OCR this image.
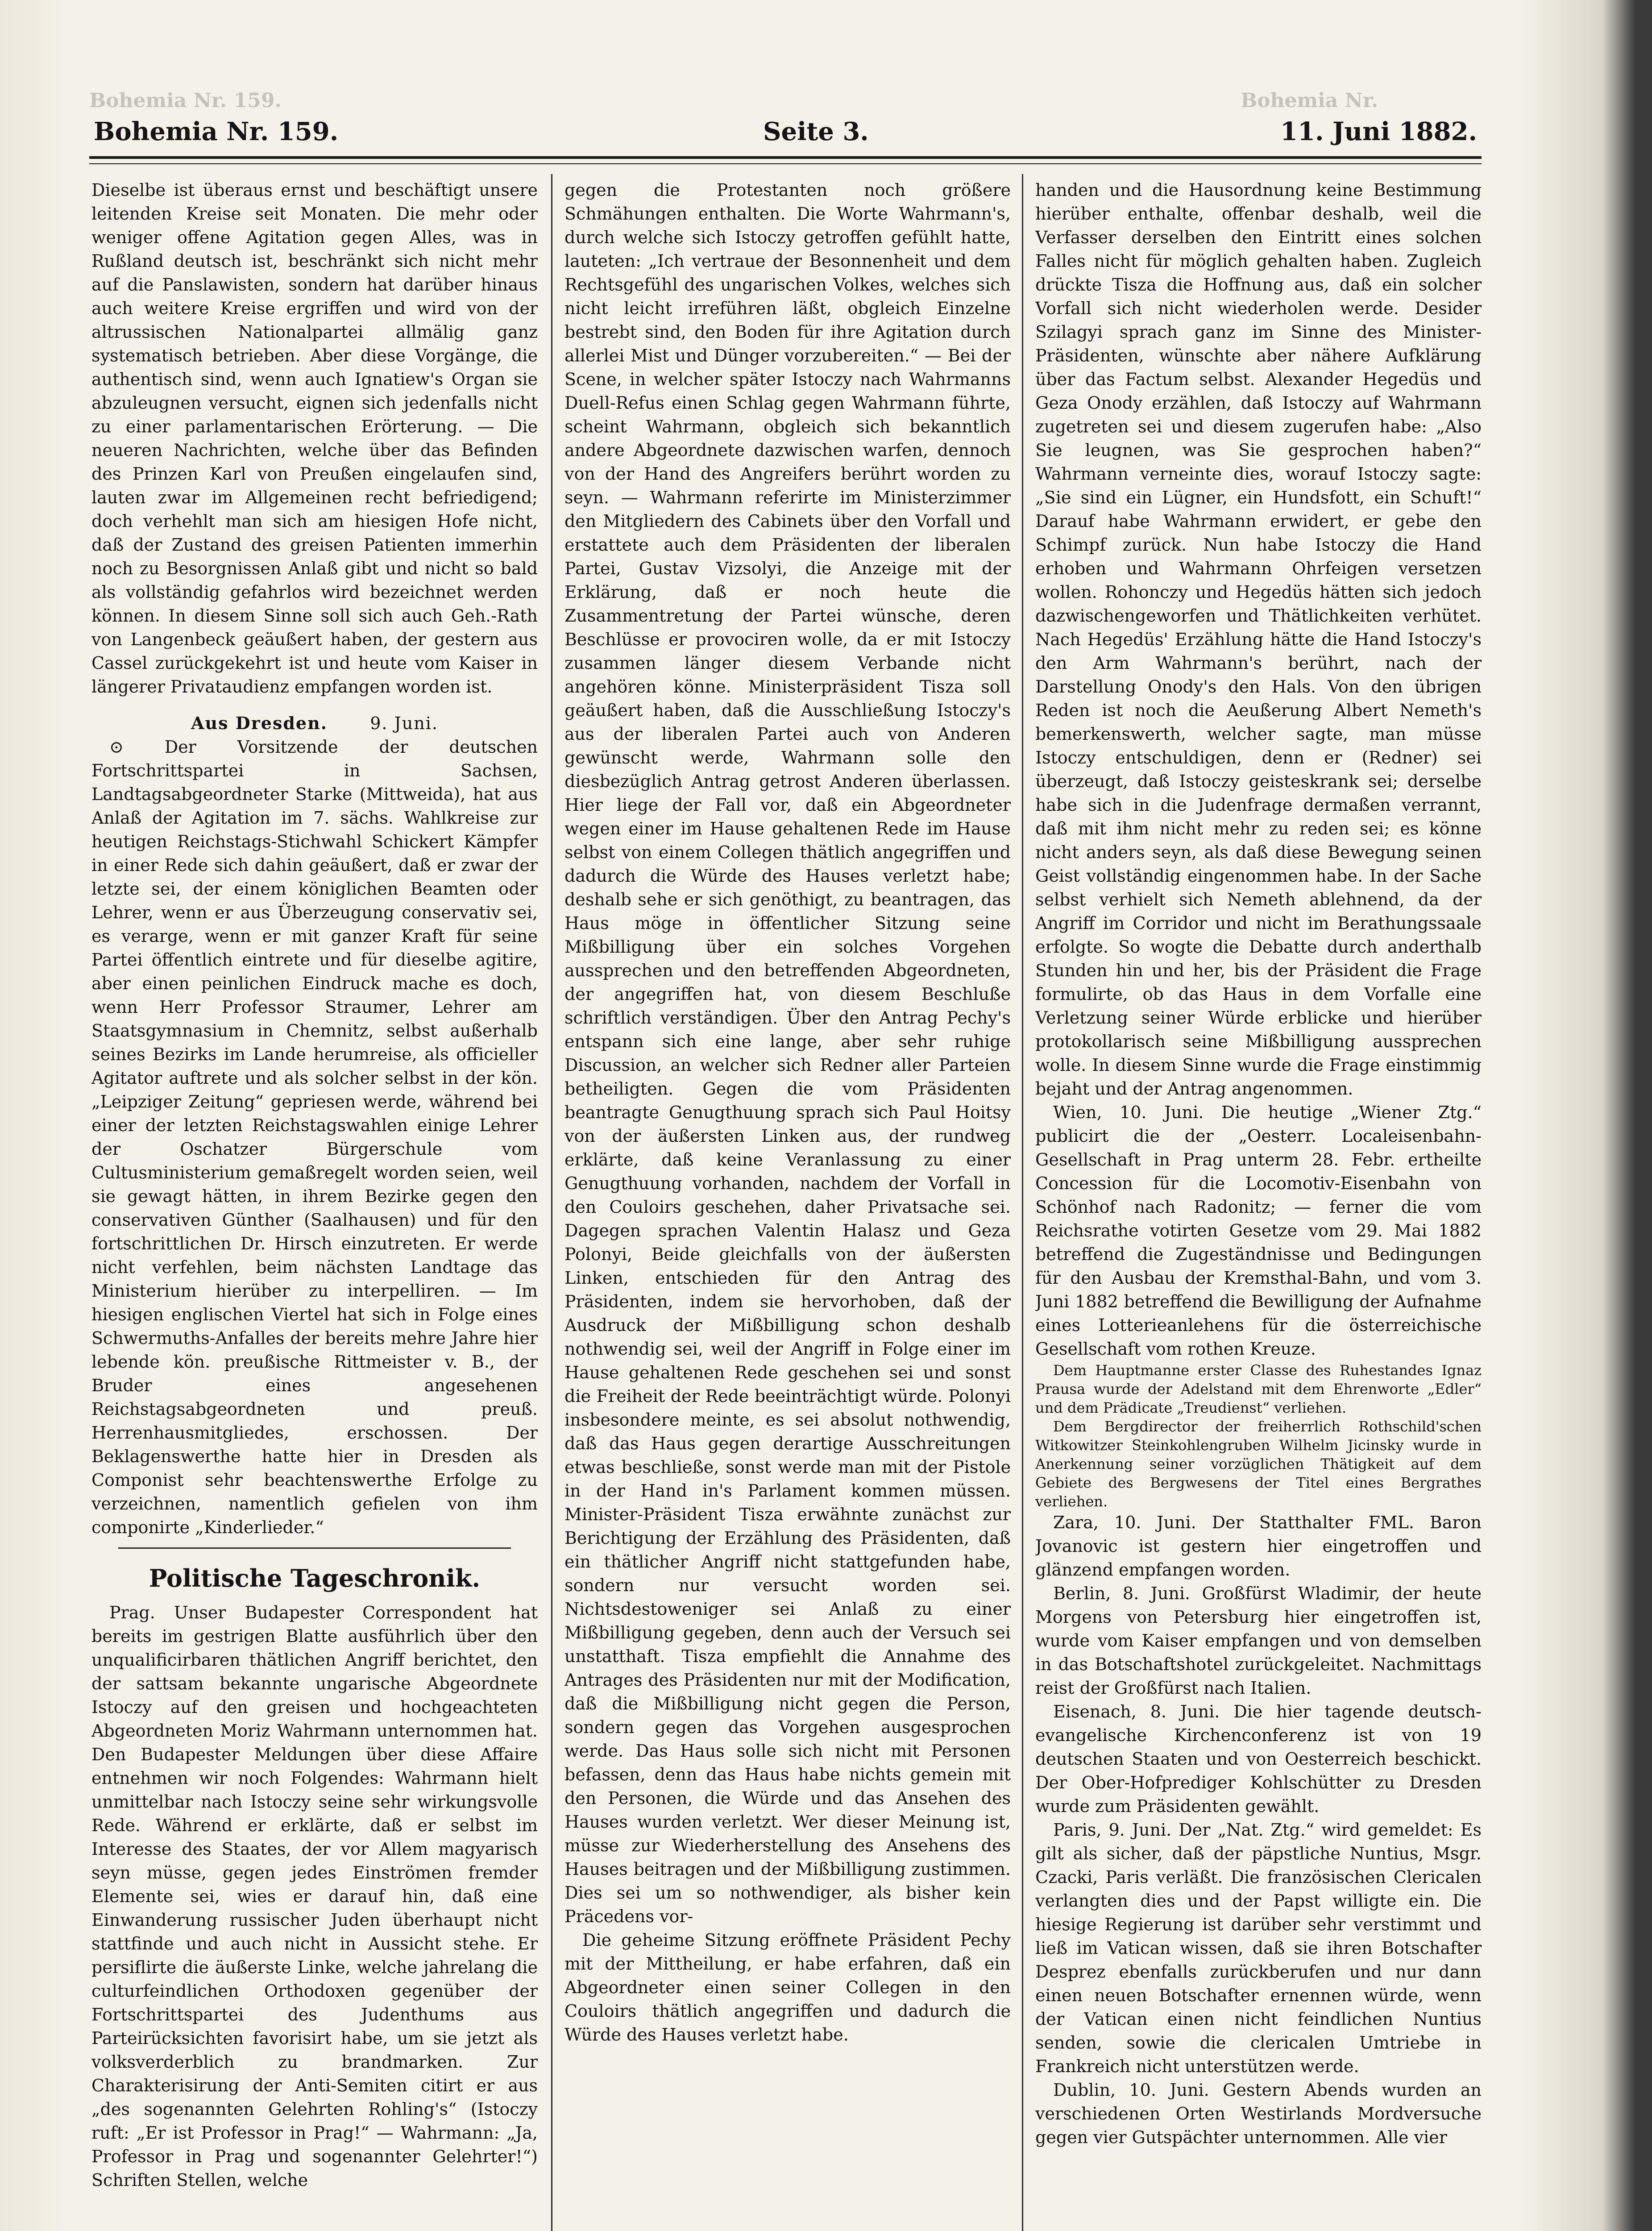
Bohemia Nr. 159.	Bohemia Nr.
Bohemia Nr. 159.	Seite 3.	11. Juni 1882.

Dieselbe ist überaus ernst und beschäftigt unsere leitenden Kreise seit Monaten. Die mehr oder weniger offene Agitation gegen Alles, was in Rußland deutsch ist, beschränkt sich nicht mehr auf die Panslawisten, sondern hat darüber hinaus auch weitere Kreise ergriffen und wird von der altrussischen Nationalpartei allmälig ganz systematisch betrieben. Aber diese Vorgänge, die authentisch sind, wenn auch Ignatiew's Organ sie abzuleugnen versucht, eignen sich jedenfalls nicht zu einer parlamentarischen Erörterung. — Die neueren Nachrichten, welche über das Befinden des Prinzen Karl von Preußen eingelaufen sind, lauten zwar im Allgemeinen recht befriedigend; doch verhehlt man sich am hiesigen Hofe nicht, daß der Zustand des greisen Patienten immerhin noch zu Besorgnissen Anlaß gibt und nicht so bald als vollständig gefahrlos wird bezeichnet werden können. In diesem Sinne soll sich auch Geh.-Rath von Langenbeck geäußert haben, der gestern aus Cassel zurückgekehrt ist und heute vom Kaiser in längerer Privataudienz empfangen worden ist.

Aus Dresden.	9. Juni.

⊙ Der Vorsitzende der deutschen Fortschrittspartei in Sachsen, Landtagsabgeordneter Starke (Mittweida), hat aus Anlaß der Agitation im 7. sächs. Wahlkreise zur heutigen Reichstags-Stichwahl Schickert Kämpfer in einer Rede sich dahin geäußert, daß er zwar der letzte sei, der einem königlichen Beamten oder Lehrer, wenn er aus Überzeugung conservativ sei, es verarge, wenn er mit ganzer Kraft für seine Partei öffentlich eintrete und für dieselbe agitire, aber einen peinlichen Eindruck mache es doch, wenn Herr Professor Straumer, Lehrer am Staatsgymnasium in Chemnitz, selbst außerhalb seines Bezirks im Lande herumreise, als officieller Agitator auftrete und als solcher selbst in der kön. „Leipziger Zeitung“ gepriesen werde, während bei einer der letzten Reichstagswahlen einige Lehrer der Oschatzer Bürgerschule vom Cultusministerium gemaßregelt worden seien, weil sie gewagt hätten, in ihrem Bezirke gegen den conservativen Günther (Saalhausen) und für den fortschrittlichen Dr. Hirsch einzutreten. Er werde nicht verfehlen, beim nächsten Landtage das Ministerium hierüber zu interpelliren. — Im hiesigen englischen Viertel hat sich in Folge eines Schwermuths-Anfalles der bereits mehre Jahre hier lebende kön. preußische Rittmeister v. B., der Bruder eines angesehenen Reichstagsabgeordneten und preuß. Herrenhausmitgliedes, erschossen. Der Beklagenswerthe hatte hier in Dresden als Componist sehr beachtenswerthe Erfolge zu verzeichnen, namentlich gefielen von ihm componirte „Kinderlieder.“

Politische Tageschronik.

Prag. Unser Budapester Correspondent hat bereits im gestrigen Blatte ausführlich über den unqualificirbaren thätlichen Angriff berichtet, den der sattsam bekannte ungarische Abgeordnete Istoczy auf den greisen und hochgeachteten Abgeordneten Moriz Wahrmann unternommen hat. Den Budapester Meldungen über diese Affaire entnehmen wir noch Folgendes: Wahrmann hielt unmittelbar nach Istoczy seine sehr wirkungsvolle Rede. Während er erklärte, daß er selbst im Interesse des Staates, der vor Allem magyarisch seyn müsse, gegen jedes Einströmen fremder Elemente sei, wies er darauf hin, daß eine Einwanderung russischer Juden überhaupt nicht stattfinde und auch nicht in Aussicht stehe. Er persiflirte die äußerste Linke, welche jahrelang die culturfeindlichen Orthodoxen gegenüber der Fortschrittspartei des Judenthums aus Parteirücksichten favorisirt habe, um sie jetzt als volksverderblich zu brandmarken. Zur Charakterisirung der Anti-Semiten citirt er aus „des sogenannten Gelehrten Rohling's“ (Istoczy ruft: „Er ist Professor in Prag!“ — Wahrmann: „Ja, Professor in Prag und sogenannter Gelehrter!“) Schriften Stellen, welche

gegen die Protestanten noch größere Schmähungen enthalten. Die Worte Wahrmann's, durch welche sich Istoczy getroffen gefühlt hatte, lauteten: „Ich vertraue der Besonnenheit und dem Rechtsgefühl des ungarischen Volkes, welches sich nicht leicht irreführen läßt, obgleich Einzelne bestrebt sind, den Boden für ihre Agitation durch allerlei Mist und Dünger vorzubereiten.“ — Bei der Scene, in welcher später Istoczy nach Wahrmanns Duell-Refus einen Schlag gegen Wahrmann führte, scheint Wahrmann, obgleich sich bekanntlich andere Abgeordnete dazwischen warfen, dennoch von der Hand des Angreifers berührt worden zu seyn. — Wahrmann referirte im Ministerzimmer den Mitgliedern des Cabinets über den Vorfall und erstattete auch dem Präsidenten der liberalen Partei, Gustav Vizsolyi, die Anzeige mit der Erklärung, daß er noch heute die Zusammentretung der Partei wünsche, deren Beschlüsse er provociren wolle, da er mit Istoczy zusammen länger diesem Verbande nicht angehören könne. Ministerpräsident Tisza soll geäußert haben, daß die Ausschließung Istoczy's aus der liberalen Partei auch von Anderen gewünscht werde, Wahrmann solle den diesbezüglich Antrag getrost Anderen überlassen. Hier liege der Fall vor, daß ein Abgeordneter wegen einer im Hause gehaltenen Rede im Hause selbst von einem Collegen thätlich angegriffen und dadurch die Würde des Hauses verletzt habe; deshalb sehe er sich genöthigt, zu beantragen, das Haus möge in öffentlicher Sitzung seine Mißbilligung über ein solches Vorgehen aussprechen und den betreffenden Abgeordneten, der angegriffen hat, von diesem Beschluße schriftlich verständigen. Über den Antrag Pechy's entspann sich eine lange, aber sehr ruhige Discussion, an welcher sich Redner aller Parteien betheiligten. Gegen die vom Präsidenten beantragte Genugthuung sprach sich Paul Hoitsy von der äußersten Linken aus, der rundweg erklärte, daß keine Veranlassung zu einer Genugthuung vorhanden, nachdem der Vorfall in den Couloirs geschehen, daher Privatsache sei. Dagegen sprachen Valentin Halasz und Geza Polonyi, Beide gleichfalls von der äußersten Linken, entschieden für den Antrag des Präsidenten, indem sie hervorhoben, daß der Ausdruck der Mißbilligung schon deshalb nothwendig sei, weil der Angriff in Folge einer im Hause gehaltenen Rede geschehen sei und sonst die Freiheit der Rede beeinträchtigt würde. Polonyi insbesondere meinte, es sei absolut nothwendig, daß das Haus gegen derartige Ausschreitungen etwas beschließe, sonst werde man mit der Pistole in der Hand in's Parlament kommen müssen. Minister-Präsident Tisza erwähnte zunächst zur Berichtigung der Erzählung des Präsidenten, daß ein thätlicher Angriff nicht stattgefunden habe, sondern nur versucht worden sei. Nichtsdestoweniger sei Anlaß zu einer Mißbilligung gegeben, denn auch der Versuch sei unstatthaft. Tisza empfiehlt die Annahme des Antrages des Präsidenten nur mit der Modification, daß die Mißbilligung nicht gegen die Person, sondern gegen das Vorgehen ausgesprochen werde. Das Haus solle sich nicht mit Personen befassen, denn das Haus habe nichts gemein mit den Personen, die Würde und das Ansehen des Hauses wurden verletzt. Wer dieser Meinung ist, müsse zur Wiederherstellung des Ansehens des Hauses beitragen und der Mißbilligung zustimmen. Dies sei um so nothwendiger, als bisher kein Präcedens vor-

Die geheime Sitzung eröffnete Präsident Pechy mit der Mittheilung, er habe erfahren, daß ein Abgeordneter einen seiner Collegen in den Couloirs thätlich angegriffen und dadurch die Würde des Hauses verletzt habe.

handen und die Hausordnung keine Bestimmung hierüber enthalte, offenbar deshalb, weil die Verfasser derselben den Eintritt eines solchen Falles nicht für möglich gehalten haben. Zugleich drückte Tisza die Hoffnung aus, daß ein solcher Vorfall sich nicht wiederholen werde. Desider Szilagyi sprach ganz im Sinne des Minister-Präsidenten, wünschte aber nähere Aufklärung über das Factum selbst. Alexander Hegedüs und Geza Onody erzählen, daß Istoczy auf Wahrmann zugetreten sei und diesem zugerufen habe: „Also Sie leugnen, was Sie gesprochen haben?“ Wahrmann verneinte dies, worauf Istoczy sagte: „Sie sind ein Lügner, ein Hundsfott, ein Schuft!“ Darauf habe Wahrmann erwidert, er gebe den Schimpf zurück. Nun habe Istoczy die Hand erhoben und Wahrmann Ohrfeigen versetzen wollen. Rohonczy und Hegedüs hätten sich jedoch dazwischengeworfen und Thätlichkeiten verhütet. Nach Hegedüs' Erzählung hätte die Hand Istoczy's den Arm Wahrmann's berührt, nach der Darstellung Onody's den Hals. Von den übrigen Reden ist noch die Aeußerung Albert Nemeth's bemerkenswerth, welcher sagte, man müsse Istoczy entschuldigen, denn er (Redner) sei überzeugt, daß Istoczy geisteskrank sei; derselbe habe sich in die Judenfrage dermaßen verrannt, daß mit ihm nicht mehr zu reden sei; es könne nicht anders seyn, als daß diese Bewegung seinen Geist vollständig eingenommen habe. In der Sache selbst verhielt sich Nemeth ablehnend, da der Angriff im Corridor und nicht im Berathungssaale erfolgte. So wogte die Debatte durch anderthalb Stunden hin und her, bis der Präsident die Frage formulirte, ob das Haus in dem Vorfalle eine Verletzung seiner Würde erblicke und hierüber protokollarisch seine Mißbilligung aussprechen wolle. In diesem Sinne wurde die Frage einstimmig bejaht und der Antrag angenommen.

Wien, 10. Juni. Die heutige „Wiener Ztg.“ publicirt die der „Oesterr. Localeisenbahn-Gesellschaft in Prag unterm 28. Febr. ertheilte Concession für die Locomotiv-Eisenbahn von Schönhof nach Radonitz; — ferner die vom Reichsrathe votirten Gesetze vom 29. Mai 1882 betreffend die Zugeständnisse und Bedingungen für den Ausbau der Kremsthal-Bahn, und vom 3. Juni 1882 betreffend die Bewilligung der Aufnahme eines Lotterieanlehens für die österreichische Gesellschaft vom rothen Kreuze.

Dem Hauptmanne erster Classe des Ruhestandes Ignaz Prausa wurde der Adelstand mit dem Ehrenworte „Edler“ und dem Prädicate „Treudienst“ verliehen.

Dem Bergdirector der freiherrlich Rothschild'schen Witkowitzer Steinkohlengruben Wilhelm Jicinsky wurde in Anerkennung seiner vorzüglichen Thätigkeit auf dem Gebiete des Bergwesens der Titel eines Bergrathes verliehen.

Zara, 10. Juni. Der Statthalter FML. Baron Jovanovic ist gestern hier eingetroffen und glänzend empfangen worden.

Berlin, 8. Juni. Großfürst Wladimir, der heute Morgens von Petersburg hier eingetroffen ist, wurde vom Kaiser empfangen und von demselben in das Botschaftshotel zurückgeleitet. Nachmittags reist der Großfürst nach Italien.

Eisenach, 8. Juni. Die hier tagende deutsch-evangelische Kirchenconferenz ist von 19 deutschen Staaten und von Oesterreich beschickt. Der Ober-Hofprediger Kohlschütter zu Dresden wurde zum Präsidenten gewählt.

Paris, 9. Juni. Der „Nat. Ztg.“ wird gemeldet: Es gilt als sicher, daß der päpstliche Nuntius, Msgr. Czacki, Paris verläßt. Die französischen Clericalen verlangten dies und der Papst willigte ein. Die hiesige Regierung ist darüber sehr verstimmt und ließ im Vatican wissen, daß sie ihren Botschafter Desprez ebenfalls zurückberufen und nur dann einen neuen Botschafter ernennen würde, wenn der Vatican einen nicht feindlichen Nuntius senden, sowie die clericalen Umtriebe in Frankreich nicht unterstützen werde.

Dublin, 10. Juni. Gestern Abends wurden an verschiedenen Orten Westirlands Mordversuche gegen vier Gutspächter unternommen. Alle vier
